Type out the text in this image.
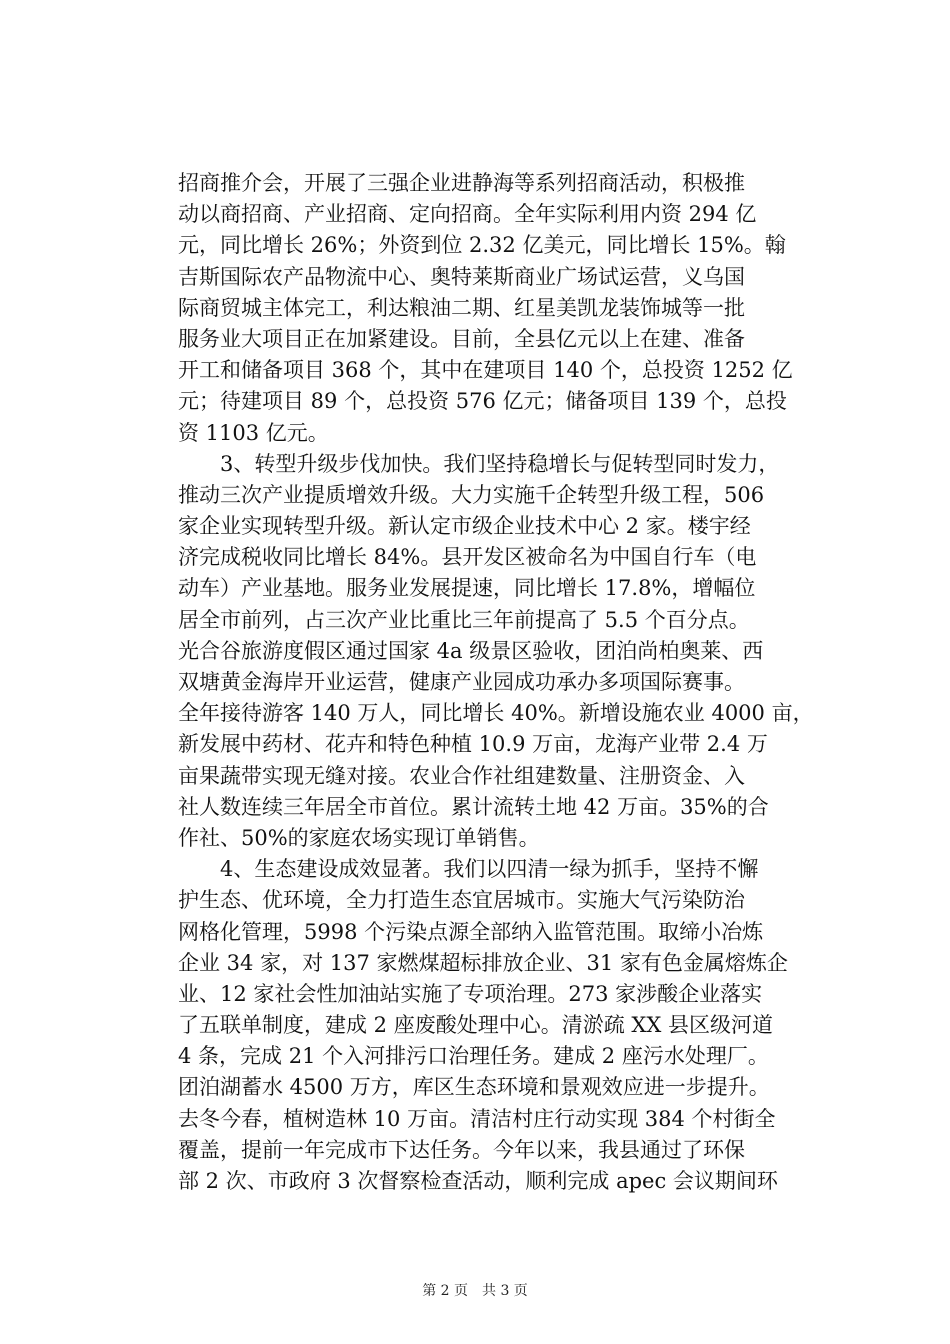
招商推介会，开展了三强企业进静海等系列招商活动，积极推
动以商招商、产业招商、定向招商。全年实际利用内资 294 亿
元，同比增长 26%；外资到位 2.32 亿美元，同比增长 15%。翰
吉斯国际农产品物流中心、奥特莱斯商业广场试运营，义乌国
际商贸城主体完工，利达粮油二期、红星美凯龙装饰城等一批
服务业大项目正在加紧建设。目前，全县亿元以上在建、准备
开工和储备项目 368 个，其中在建项目 140 个，总投资 1252 亿
元；待建项目 89 个，总投资 576 亿元；储备项目 139 个，总投
资 1103 亿元。
　　3、转型升级步伐加快。我们坚持稳增长与促转型同时发力，
推动三次产业提质增效升级。大力实施千企转型升级工程，506
家企业实现转型升级。新认定市级企业技术中心 2 家。楼宇经
济完成税收同比增长 84%。县开发区被命名为中国自行车（电
动车）产业基地。服务业发展提速，同比增长 17.8%，增幅位
居全市前列，占三次产业比重比三年前提高了 5.5 个百分点。
光合谷旅游度假区通过国家 4a 级景区验收，团泊尚柏奥莱、西
双塘黄金海岸开业运营，健康产业园成功承办多项国际赛事。
全年接待游客 140 万人，同比增长 40%。新增设施农业 4000 亩，
新发展中药材、花卉和特色种植 10.9 万亩，龙海产业带 2.4 万
亩果蔬带实现无缝对接。农业合作社组建数量、注册资金、入
社人数连续三年居全市首位。累计流转土地 42 万亩。35%的合
作社、50%的家庭农场实现订单销售。
　　4、生态建设成效显著。我们以四清一绿为抓手，坚持不懈
护生态、优环境，全力打造生态宜居城市。实施大气污染防治
网格化管理，5998 个污染点源全部纳入监管范围。取缔小冶炼
企业 34 家，对 137 家燃煤超标排放企业、31 家有色金属熔炼企
业、12 家社会性加油站实施了专项治理。273 家涉酸企业落实
了五联单制度，建成 2 座废酸处理中心。清淤疏 XX 县区级河道
4 条，完成 21 个入河排污口治理任务。建成 2 座污水处理厂。
团泊湖蓄水 4500 万方，库区生态环境和景观效应进一步提升。
去冬今春，植树造林 10 万亩。清洁村庄行动实现 384 个村街全
覆盖，提前一年完成市下达任务。今年以来，我县通过了环保
部 2 次、市政府 3 次督察检查活动，顺利完成 apec 会议期间环
第 2 页　共 3 页
